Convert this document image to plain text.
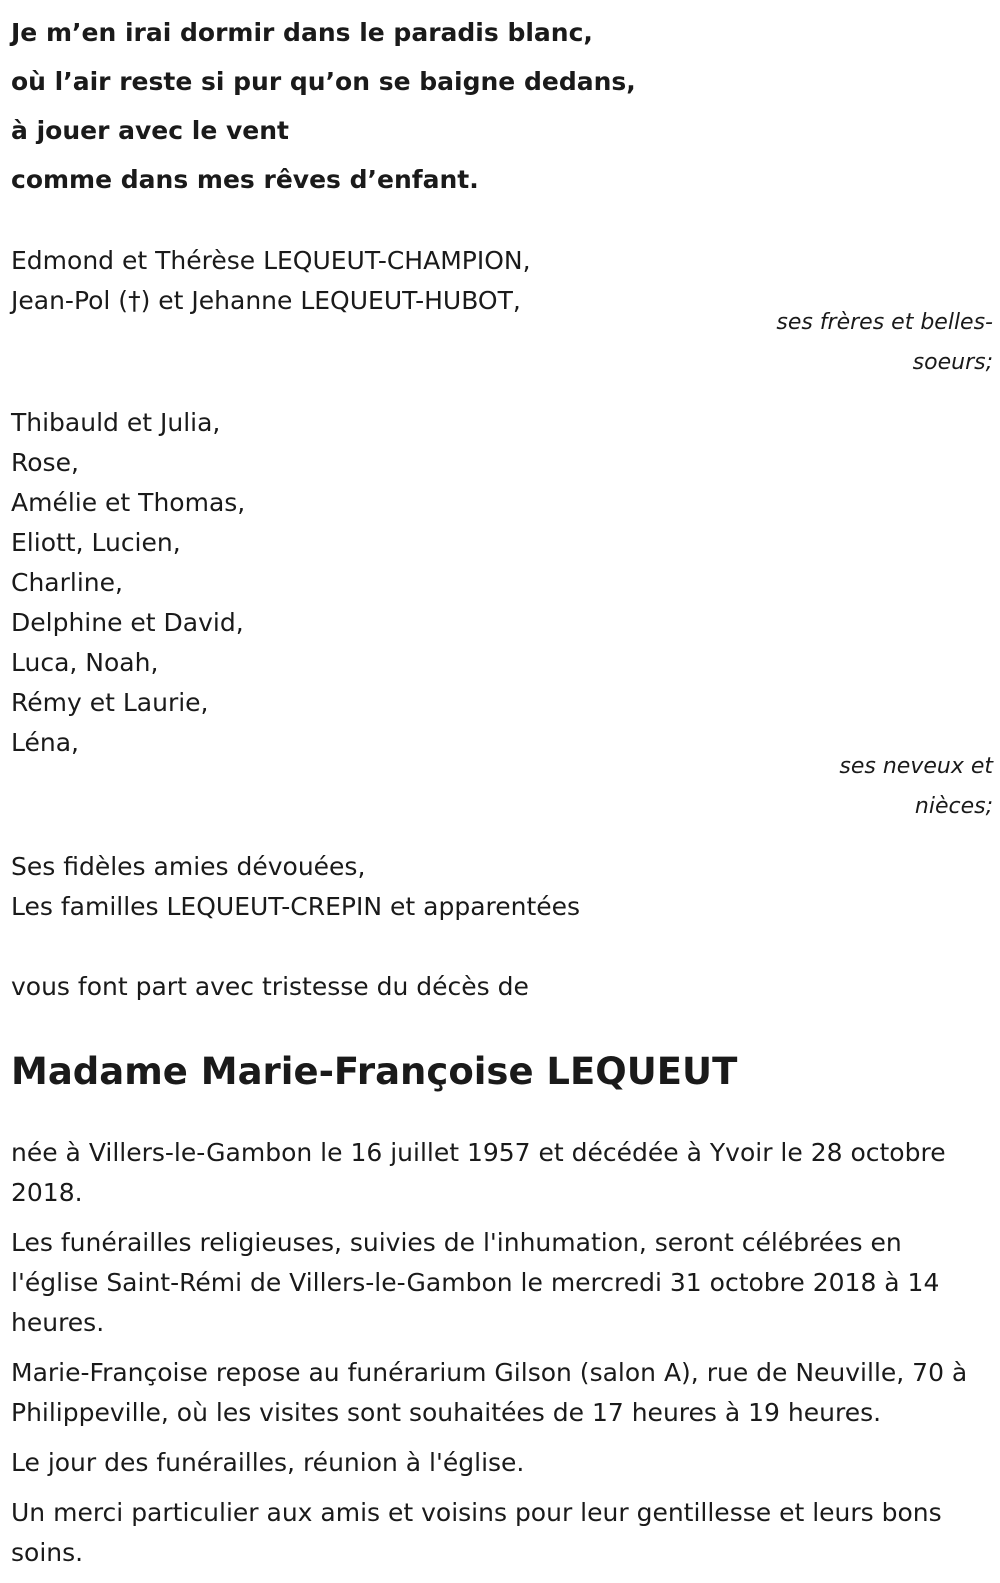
Je m’en irai dormir dans le paradis blanc,
où l’air reste si pur qu’on se baigne dedans,
à jouer avec le vent
comme dans mes rêves d’enfant.
Edmond et Thérèse LEQUEUT-CHAMPION,
Jean-Pol (†) et Jehanne LEQUEUT-HUBOT,
ses frères et belles-
soeurs;
Thibauld et Julia,
Rose,
Amélie et Thomas,
Eliott, Lucien,
Charline,
Delphine et David,
Luca, Noah,
Rémy et Laurie,
Léna,
ses neveux et
nièces;
Ses fidèles amies dévouées,
Les familles LEQUEUT-CREPIN et apparentées
vous font part avec tristesse du décès de
Madame Marie-Françoise LEQUEUT
née à Villers-le-Gambon le 16 juillet 1957 et décédée à Yvoir le 28 octobre 2018.
Les funérailles religieuses, suivies de l'inhumation, seront célébrées en l'église Saint-Rémi de Villers-le-Gambon le mercredi 31 octobre 2018 à 14 heures.
Marie-Françoise repose au funérarium Gilson (salon A), rue de Neuville, 70 à Philippeville, où les visites sont souhaitées de 17 heures à 19 heures.
Le jour des funérailles, réunion à l'église.
Un merci particulier aux amis et voisins pour leur gentillesse et leurs bons soins.
